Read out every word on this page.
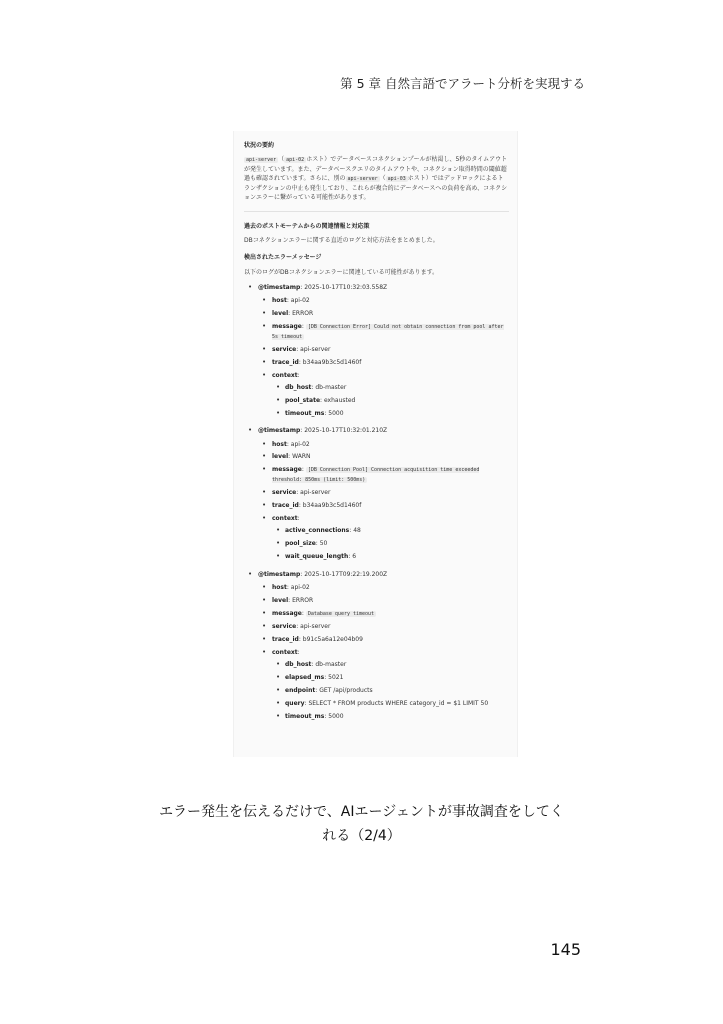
第 5 章 自然言語でアラート分析を実現する
状況の要約

api-server （ api-02 ホスト）でデータベースコネクションプールが枯渇し、5秒のタイムアウトが発生しています。また、データベースクエリのタイムアウトや、コネクション取得時間の閾値超過も確認されています。さらに、別の api-server （ api-03 ホスト）ではデッドロックによるトランザクションの中止も発生しており、これらが複合的にデータベースへの負荷を高め、コネクションエラーに繋がっている可能性があります。

過去のポストモーテムからの関連情報と対応策

DBコネクションエラーに関する直近のログと対応方法をまとめました。

検出されたエラーメッセージ

以下のログがDBコネクションエラーに関連している可能性があります。

• @timestamp: 2025-10-17T10:32:03.558Z
• host: api-02
• level: ERROR
• message: [DB Connection Error] Could not obtain connection from pool after 5s timeout
• service: api-server
• trace_id: b34aa9b3c5d1460f
• context:
• db_host: db-master
• pool_state: exhausted
• timeout_ms: 5000
• @timestamp: 2025-10-17T10:32:01.210Z
• host: api-02
• level: WARN
• message: [DB Connection Pool] Connection acquisition time exceeded threshold: 850ms (limit: 500ms)
• service: api-server
• trace_id: b34aa9b3c5d1460f
• context:
• active_connections: 48
• pool_size: 50
• wait_queue_length: 6
• @timestamp: 2025-10-17T09:22:19.200Z
• host: api-02
• level: ERROR
• message: Database query timeout
• service: api-server
• trace_id: b91c5a6a12e04b09
• context:
• db_host: db-master
• elapsed_ms: 5021
• endpoint: GET /api/products
• query: SELECT * FROM products WHERE category_id = $1 LIMIT 50
• timeout_ms: 5000
エラー発生を伝えるだけで、AIエージェントが事故調査をしてく
れる（2/4）
145
